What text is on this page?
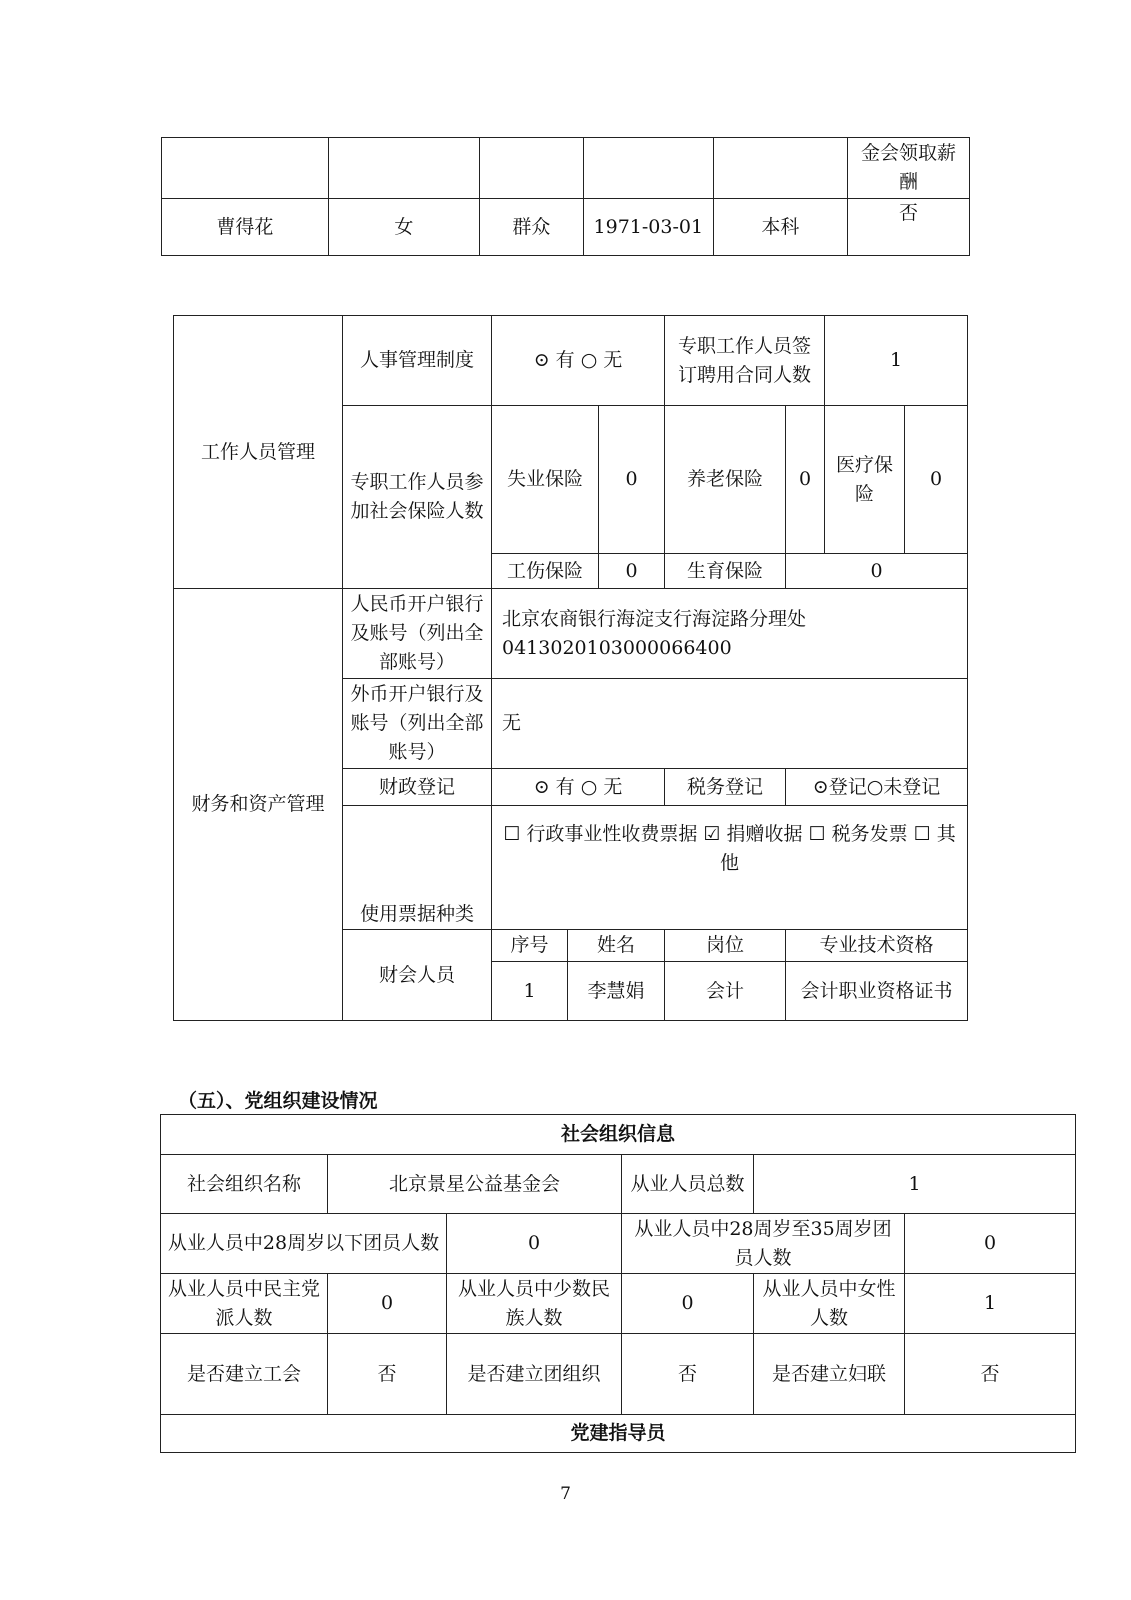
					金会领取薪酬
曹得花	女	群众	1971-03-01	本科	否
工作人员管理	人事管理制度	⊙ 有 ○ 无			专职工作人员签订聘用合同人数		1	
	专职工作人员参加社会保险人数	失业保险		0	养老保险	0	医疗保险	0
		工伤保险		0	生育保险	0		
财务和资产管理	人民币开户银行及账号（列出全部账号）	北京农商银行海淀支行海淀路分理处
0413020103000066400						

	外币开户银行及账号（列出全部账号）	无						
	财政登记	⊙ 有 ○ 无			税务登记	⊙登记○未登记		
	使用票据种类	☐ 行政事业性收费票据 ☑ 捐赠收据 ☐ 税务发票 ☐ 其他						
	财会人员	序号	姓名		岗位	专业技术资格		
		1	李慧娟		会计	会计职业资格证书		
（五）、党组织建设情况
社会组织信息					
社会组织名称	北京景星公益基金会		从业人员总数	1	
从业人员中28周岁以下团员人数		0	从业人员中28周岁至35周岁团员人数		0
从业人员中民主党派人数	0	从业人员中少数民族人数	0	从业人员中女性人数	1
是否建立工会	否	是否建立团组织	否	是否建立妇联	否
党建指导员					
7
